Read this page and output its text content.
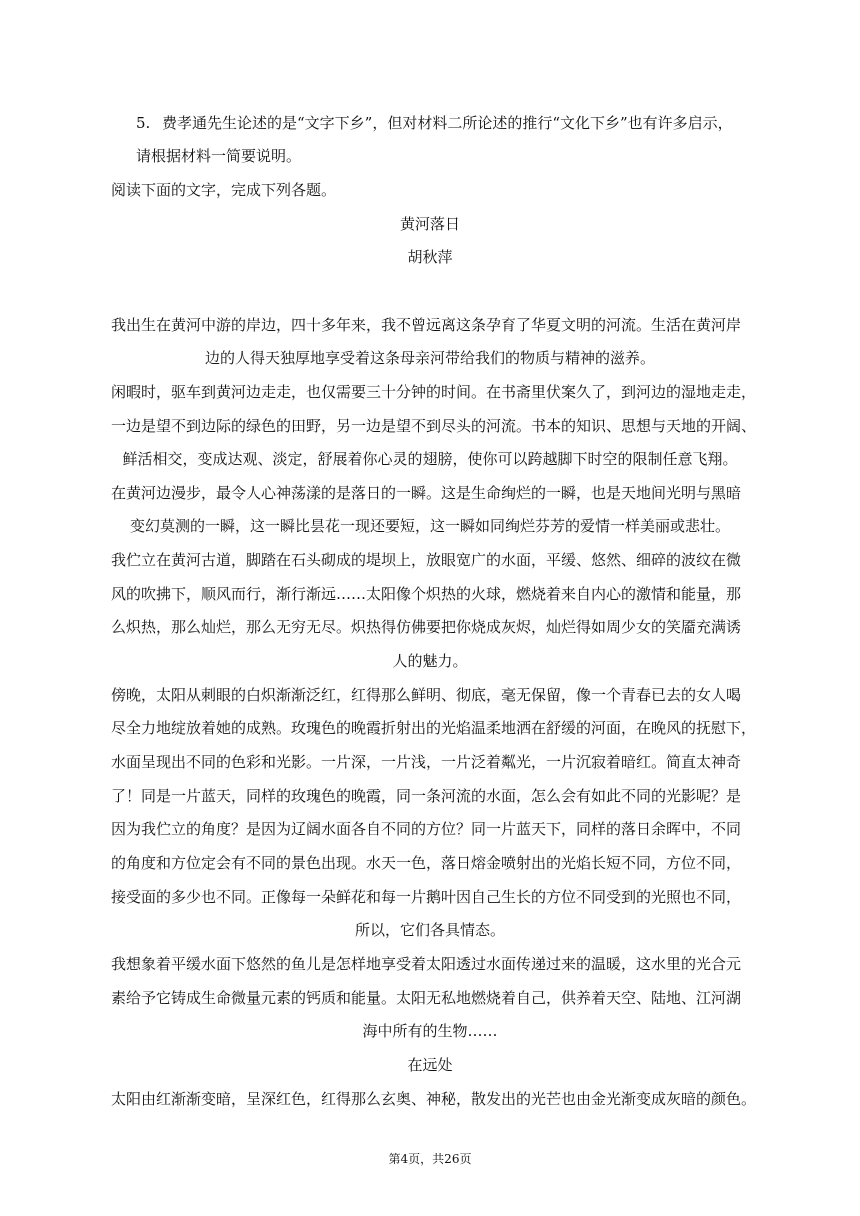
5. 费孝通先生论述的是“文字下乡”，但对材料二所论述的推行“文化下乡”也有许多启示，
请根据材料一简要说明。
阅读下面的文字，完成下列各题。
黄河落日
胡秋萍
我出生在黄河中游的岸边，四十多年来，我不曾远离这条孕育了华夏文明的河流。生活在黄河岸
边的人得天独厚地享受着这条母亲河带给我们的物质与精神的滋养。
闲暇时，驱车到黄河边走走，也仅需要三十分钟的时间。在书斋里伏案久了，到河边的湿地走走，
一边是望不到边际的绿色的田野，另一边是望不到尽头的河流。书本的知识、思想与天地的开阔、
鲜活相交，变成达观、淡定，舒展着你心灵的翅膀，使你可以跨越脚下时空的限制任意飞翔。
在黄河边漫步，最令人心神荡漾的是落日的一瞬。这是生命绚烂的一瞬，也是天地间光明与黑暗
变幻莫测的一瞬，这一瞬比昙花一现还要短，这一瞬如同绚烂芬芳的爱情一样美丽或悲壮。
我伫立在黄河古道，脚踏在石头砌成的堤坝上，放眼宽广的水面，平缓、悠然、细碎的波纹在微
风的吹拂下，顺风而行，渐行渐远……太阳像个炽热的火球，燃烧着来自内心的激情和能量，那
么炽热，那么灿烂，那么无穷无尽。炽热得仿佛要把你烧成灰烬，灿烂得如周少女的笑靥充满诱
人的魅力。
傍晚，太阳从刺眼的白炽渐渐泛红，红得那么鲜明、彻底，毫无保留，像一个青春已去的女人喝
尽全力地绽放着她的成熟。玫瑰色的晚霞折射出的光焰温柔地洒在舒缓的河面，在晚风的抚慰下，
水面呈现出不同的色彩和光影。一片深，一片浅，一片泛着粼光，一片沉寂着暗红。简直太神奇
了！同是一片蓝天，同样的玫瑰色的晚霞，同一条河流的水面，怎么会有如此不同的光影呢？是
因为我伫立的角度？是因为辽阔水面各自不同的方位？同一片蓝天下，同样的落日余晖中，不同
的角度和方位定会有不同的景色出现。水天一色，落日熔金喷射出的光焰长短不同，方位不同，
接受面的多少也不同。正像每一朵鲜花和每一片鹅叶因自己生长的方位不同受到的光照也不同，
所以，它们各具情态。
我想象着平缓水面下悠然的鱼儿是怎样地享受着太阳透过水面传递过来的温暖，这水里的光合元
素给予它铸成生命微量元素的钙质和能量。太阳无私地燃烧着自己，供养着天空、陆地、江河湖
海中所有的生物……
在远处
太阳由红渐渐变暗，呈深红色，红得那么玄奥、神秘，散发出的光芒也由金光渐变成灰暗的颜色。
第4页，共26页
